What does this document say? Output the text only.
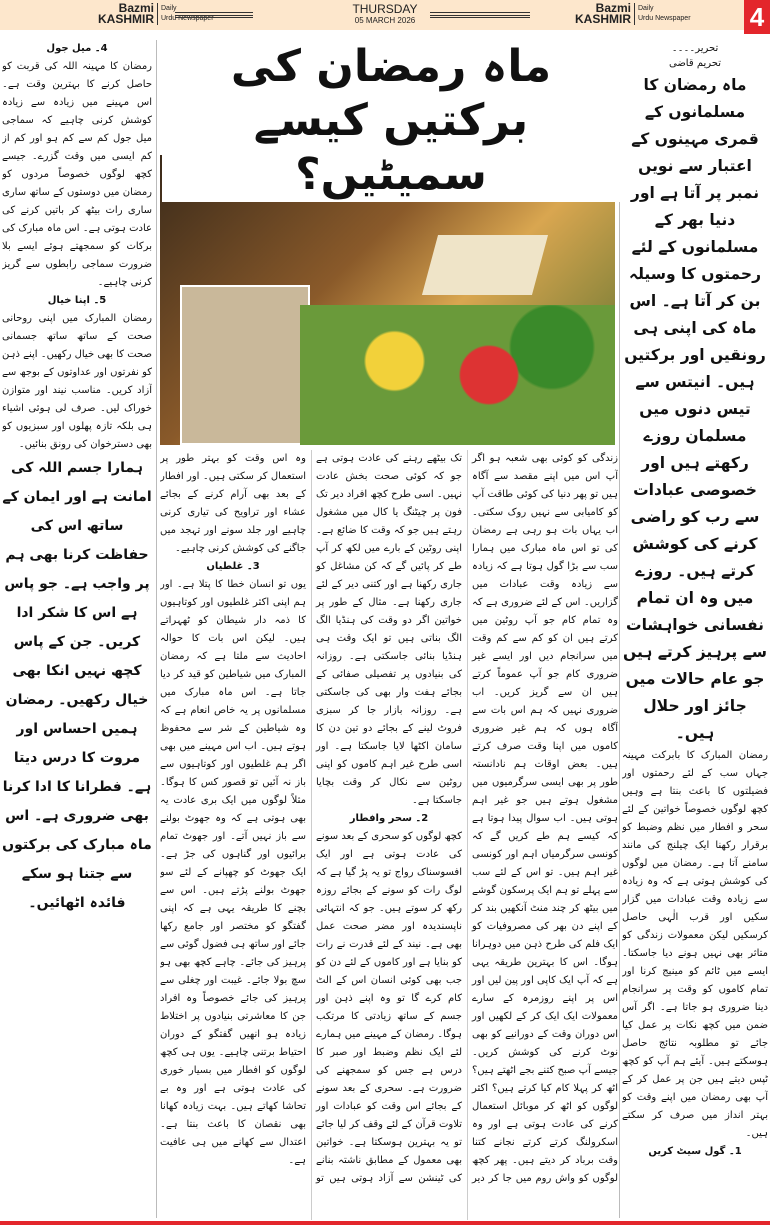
Bazmi
KASHMIR
Daily
Urdu Newspaper
THURSDAY
05 MARCH 2026
Bazmi
KASHMIR
Daily
Urdu Newspaper 4
تحریر۔۔۔۔
تحریم قاضی
ماہ رمضان کا مسلمانوں کے قمری مہینوں کے اعتبار سے نویں نمبر پر آتا ہے اور دنیا بھر کے مسلمانوں کے لئے رحمتوں کا وسیلہ بن کر آتا ہے۔ اس ماہ کی اپنی ہی رونقیں اور برکتیں ہیں۔ انیتس سے تیس دنوں میں مسلمان روزے رکھتے ہیں اور خصوصی عبادات سے رب کو راضی کرنے کی کوشش کرتے ہیں۔ روزے میں وہ ان تمام نفسانی خواہشات سے پرہیز کرتے ہیں جو عام حالات میں جائز اور حلال ہیں۔
رمضان المبارک کا بابرکت مہینہ جہاں سب کے لئے رحمتوں اور فضیلتوں کا باعث بنتا ہے وہیں کچھ لوگوں خصوصاً خواتین کے لئے سحر و افطار میں نظم وضبط کو برقرار رکھنا ایک چیلنج کی مانند سامنے آتا ہے۔ رمضان میں لوگوں کی کوشش ہوتی ہے کہ وہ زیادہ سے زیادہ وقت عبادات میں گزار سکیں اور قرب الٰہی حاصل کرسکیں لیکن معمولات زندگی کو متاثر بھی نہیں ہونے دیا جاسکتا۔ ایسے میں ٹائم کو مینیج کرنا اور تمام کاموں کو وقت پر سرانجام دینا ضروری ہو جاتا ہے۔ اگر آس ضمن میں کچھ نکات پر عمل کیا جائے تو مطلوبہ نتائج حاصل ہوسکتے ہیں۔ آیئے ہم آپ کو کچھ ٹپس دیتے ہیں جن پر عمل کر کے آپ بھی رمضان میں اپنے وقت کو بہتر انداز میں صرف کر سکتے ہیں۔
1۔ گول سیٹ کریں
ماہ رمضان کی برکتیں کیسے سمیٹیں؟
زندگی کو کوئی بھی شعبہ ہو اگر آپ اس میں اپنے مقصد سے آگاہ ہیں تو پھر دنیا کی کوئی طاقت آپ کو کامیابی سے نہیں روک سکتی۔ اب یہاں بات ہو رہی ہے رمضان کی تو اس ماہ مبارک میں ہمارا سب سے بڑا گول ہوتا ہے کہ زیادہ سے زیادہ وقت عبادات میں گزاریں۔ اس کے لئے ضروری ہے کہ وہ تمام کام جو آپ روٹین میں کرتے ہیں ان کو کم سے کم وقت میں سرانجام دیں اور ایسے غیر ضروری کام جو آپ عموماً کرتے ہیں ان سے گریز کریں۔ اب ضروری نہیں کہ ہم اس بات سے آگاہ ہوں کہ ہم غیر ضروری کاموں میں اپنا وقت صرف کرتے ہیں۔ بعض اوقات ہم نادانستہ طور پر بھی ایسی سرگرمیوں میں مشغول ہوتے ہیں جو غیر اہم ہوتی ہیں۔ اب سوال پیدا ہوتا ہے کہ کیسے ہم طے کریں گے کہ کونسی سرگرمیاں اہم اور کونسی غیر اہم ہیں۔ تو اس کے لئے سب سے پہلے تو ہم ایک پرسکون گوشے میں بیٹھ کر چند منٹ آنکھیں بند کر کے اپنے دن بھر کی مصروفیات کو ایک فلم کی طرح ذہن میں دوہرانا ہوگا۔ اس کا بہترین طریقہ یہی ہے کہ آپ ایک کاپی اور پین لیں اور اس پر اپنے روزمرہ کے سارے معمولات ایک ایک کر کے لکھیں اور اس دوران وقت کے دورانیے کو بھی نوٹ کرنے کی کوشش کریں۔ جیسے آپ صبح کتنے بجے اٹھتے ہیں؟ اٹھ کر پہلا کام کیا کرتے ہیں؟ اکثر لوگوں کو اٹھ کر موبائل استعمال کرنے کی عادت ہوتی ہے اور وہ اسکرولنگ کرتے کرتے نجانے کتنا وقت برباد کر دیتے ہیں۔ پھر کچھ لوگوں کو واش روم میں جا کر دیر تک بیٹھے رہنے کی عادت ہوتی ہے جو کہ کوئی صحت بخش عادت نہیں۔ اسی طرح کچھ افراد دیر تک فون پر چیٹنگ یا کال میں مشغول رہتے ہیں جو کہ وقت کا ضائع ہے۔ اپنی روٹین کے بارے میں لکھ کر آپ طے کر پائیں گے کہ کن مشاغل کو جاری رکھنا ہے اور کتنی دیر کے لئے جاری رکھنا ہے۔ مثال کے طور پر خواتین اگر دو وقت کی ہنڈیا الگ الگ بناتی ہیں تو ایک وقت ہی ہنڈیا بنائی جاسکتی ہے۔ روزانہ کی بنیادوں پر تفصیلی صفائی کے بجائے ہفت وار بھی کی جاسکتی ہے۔ روزانہ بازار جا کر سبزی فروٹ لینے کے بجائے دو تین دن کا سامان اکٹھا لایا جاسکتا ہے۔ اور اسی طرح غیر اہم کاموں کو اپنی روٹین سے نکال کر وقت بچایا جاسکتا ہے۔
2۔ سحر وافطار
کچھ لوگوں کو سحری کے بعد سونے کی عادت ہوتی ہے اور ایک افسوسناک رواج تو یہ پڑ گیا ہے کہ لوگ رات کو سونے کے بجائے روزہ رکھ کر سوتے ہیں۔ جو کہ انتہائی ناپسندیدہ اور مضر صحت عمل بھی ہے۔ نیند کے لئے قدرت نے رات کو بنایا ہے اور کاموں کے لئے دن کو جب بھی کوئی انسان اس کے الٹ کام کرے گا تو وہ اپنے ذہن اور جسم کے ساتھ زیادتی کا مرتکب ہوگا۔ رمضان کے مہینے میں ہمارے لئے ایک نظم وضبط اور صبر کا درس ہے جس کو سمجھنے کی ضرورت ہے۔ سحری کے بعد سونے کے بجائے اس وقت کو عبادات اور تلاوت قرآن کے لئے وقف کر لیا جائے تو یہ بہترین ہوسکتا ہے۔ خواتین بھی معمول کے مطابق ناشتہ بنانے کی ٹینشن سے آزاد ہوتی ہیں تو وہ اس وقت کو بہتر طور پر استعمال کر سکتی ہیں۔ اور افطار کے بعد بھی آرام کرنے کے بجائے عشاء اور تراویح کی تیاری کرنی چاہیے اور جلد سونے اور تہجد میں جاگنے کی کوشش کرنی چاہیے۔
3۔ غلطیاں
یوں تو انسان خطا کا پتلا ہے۔ اور ہم اپنی اکثر غلطیوں اور کوتاہیوں کا ذمہ دار شیطان کو ٹھہراتے ہیں۔ لیکن اس بات کا حوالہ احادیث سے ملتا ہے کہ رمضان المبارک میں شیاطین کو قید کر دیا جاتا ہے۔ اس ماہ مبارک میں مسلمانوں پر یہ خاص انعام ہے کہ وہ شیاطین کے شر سے محفوظ ہوتے ہیں۔ اب اس مہینے میں بھی اگر ہم غلطیوں اور کوتاہیوں سے باز نہ آئیں تو قصور کس کا ہوگا۔ مثلاً لوگوں میں ایک بری عادت یہ بھی ہوتی ہے کہ وہ جھوٹ بولنے سے باز نہیں آتے۔ اور جھوٹ تمام برائیوں اور گناہوں کی جڑ ہے۔ ایک جھوٹ کو چھپانے کے لئے سو جھوٹ بولنے پڑتے ہیں۔ اس سے بچنے کا طریقہ یہی ہے کہ اپنی گفتگو کو مختصر اور جامع رکھا جائے اور ساتھ ہی فضول گوئی سے پرہیز کی جائے۔ چاہے کچھ بھی ہو سچ بولا جائے۔ غیبت اور چغلی سے پرہیز کی جائے خصوصاً وہ افراد جن کا معاشرتی بنیادوں پر اختلاط زیادہ ہو انھیں گفتگو کے دوران احتیاط برتنی چاہیے۔ یوں ہی کچھ لوگوں کو افطار میں بسیار خوری کی عادت ہوتی ہے اور وہ بے تحاشا کھاتے ہیں۔ بہت زیادہ کھانا بھی نقصان کا باعث بنتا ہے۔ اعتدال سے کھانے میں ہی عافیت ہے۔
4۔ میل جول
رمضان کا مہینہ اللہ کی قربت کو حاصل کرنے کا بہترین وقت ہے۔ اس مہینے میں زیادہ سے زیادہ کوشش کرنی چاہیے کہ سماجی میل جول کم سے کم ہو اور کم از کم ایسی میں وقت گزرے۔ جیسے کچھ لوگوں خصوصاً مردوں کو رمضان میں دوستوں کے ساتھ ساری ساری رات بیٹھ کر باتیں کرنے کی عادت ہوتی ہے۔ اس ماہ مبارک کی برکات کو سمجھتے ہوئے ایسے بلا ضرورت سماجی رابطوں سے گریز کرنی چاہیے۔
5۔ اپنا خیال
رمضان المبارک میں اپنی روحانی صحت کے ساتھ ساتھ جسمانی صحت کا بھی خیال رکھیں۔ اپنے ذہن کو نفرتوں اور عداوتوں کے بوجھ سے آزاد کریں۔ مناسب نیند اور متوازن خوراک لیں۔ صرف لی ہوئی اشیاء ہی بلکہ تازہ پھلوں اور سبزیوں کو بھی دسترخوان کی رونق بنائیں۔
ہمارا جسم اللہ کی امانت ہے اور ایمان کے ساتھ اس کی حفاظت کرنا بھی ہم پر واجب ہے۔ جو پاس ہے اس کا شکر ادا کریں۔ جن کے پاس کچھ نہیں انکا بھی خیال رکھیں۔ رمضان ہمیں احساس اور مروت کا درس دیتا ہے۔ فطرانا کا ادا کرنا بھی ضروری ہے۔ اس ماہ مبارک کی برکتوں سے جتنا ہو سکے فائدہ اٹھائیں۔
